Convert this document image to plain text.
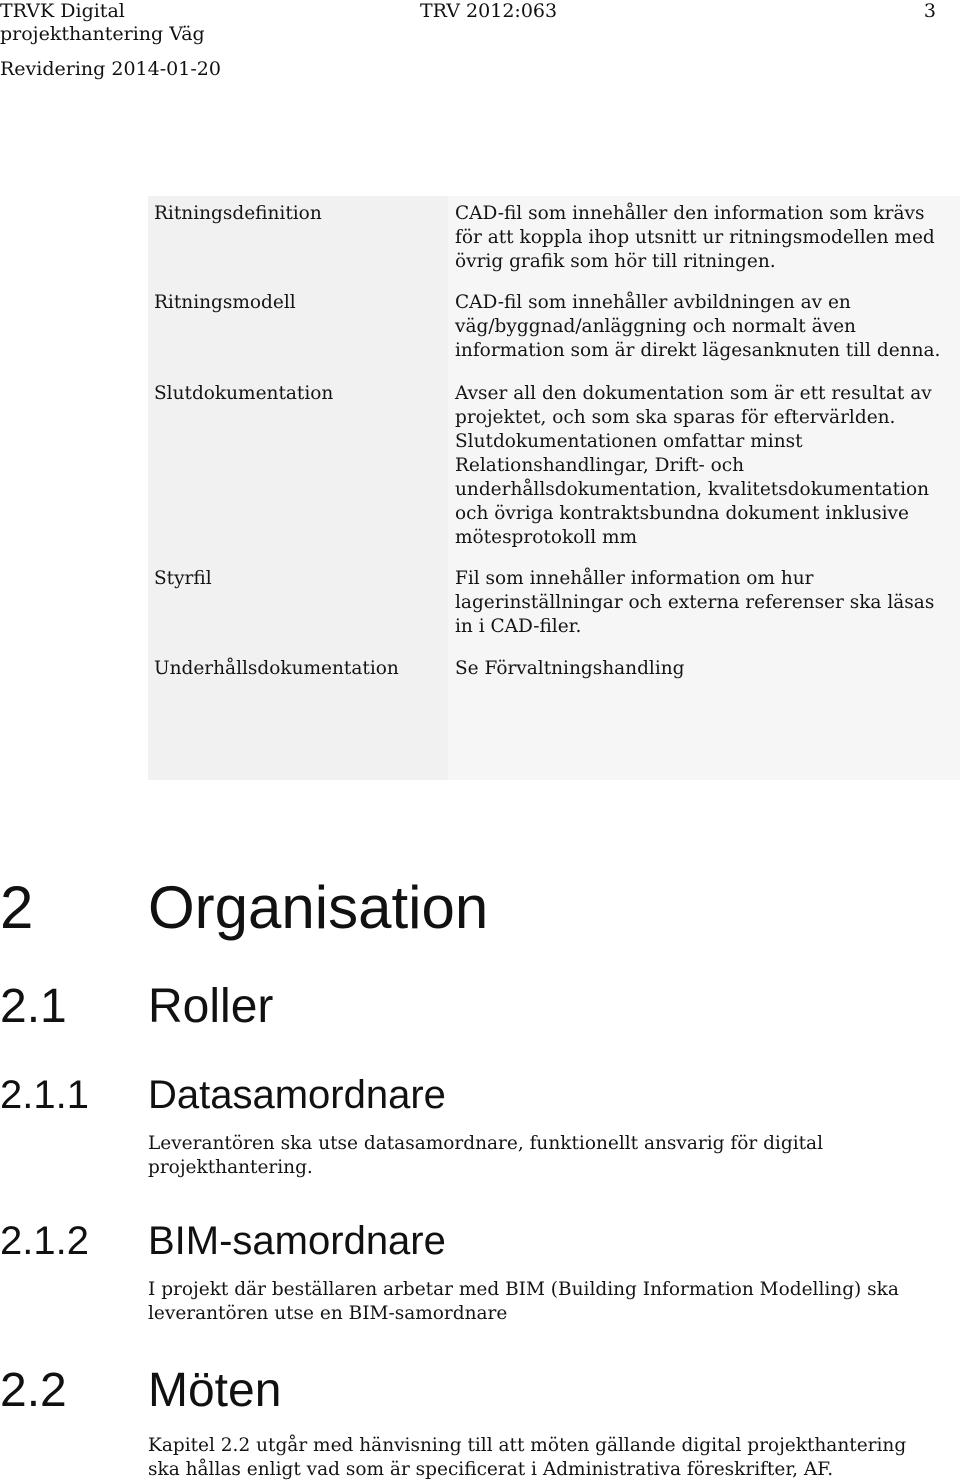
TRVK Digital
projekthantering Väg
Revidering 2014-01-20
TRV 2012:063	3
Ritningsdefinition	CAD-fil som innehåller den information som krävs för att koppla ihop utsnitt ur ritningsmodellen med övrig grafik som hör till ritningen.
Ritningsmodell	CAD-fil som innehåller avbildningen av en väg/byggnad/anläggning och normalt även information som är direkt lägesanknuten till denna.
Slutdokumentation	Avser all den dokumentation som är ett resultat av projektet, och som ska sparas för eftervärlden. Slutdokumentationen omfattar minst Relationshandlingar, Drift- och underhållsdokumentation, kvalitetsdokumentation och övriga kontraktsbundna dokument inklusive mötesprotokoll mm
Styrfil	Fil som innehåller information om hur lagerinställningar och externa referenser ska läsas in i CAD-filer.
Underhållsdokumentation	Se Förvaltningshandling
2 Organisation
2.1 Roller
2.1.1 Datasamordnare
Leverantören ska utse datasamordnare, funktionellt ansvarig för digital projekthantering.
2.1.2 BIM-samordnare
I projekt där beställaren arbetar med BIM (Building Information Modelling) ska leverantören utse en BIM-samordnare
2.2 Möten
Kapitel 2.2 utgår med hänvisning till att möten gällande digital projekthantering ska hållas enligt vad som är specificerat i Administrativa föreskrifter, AF.
